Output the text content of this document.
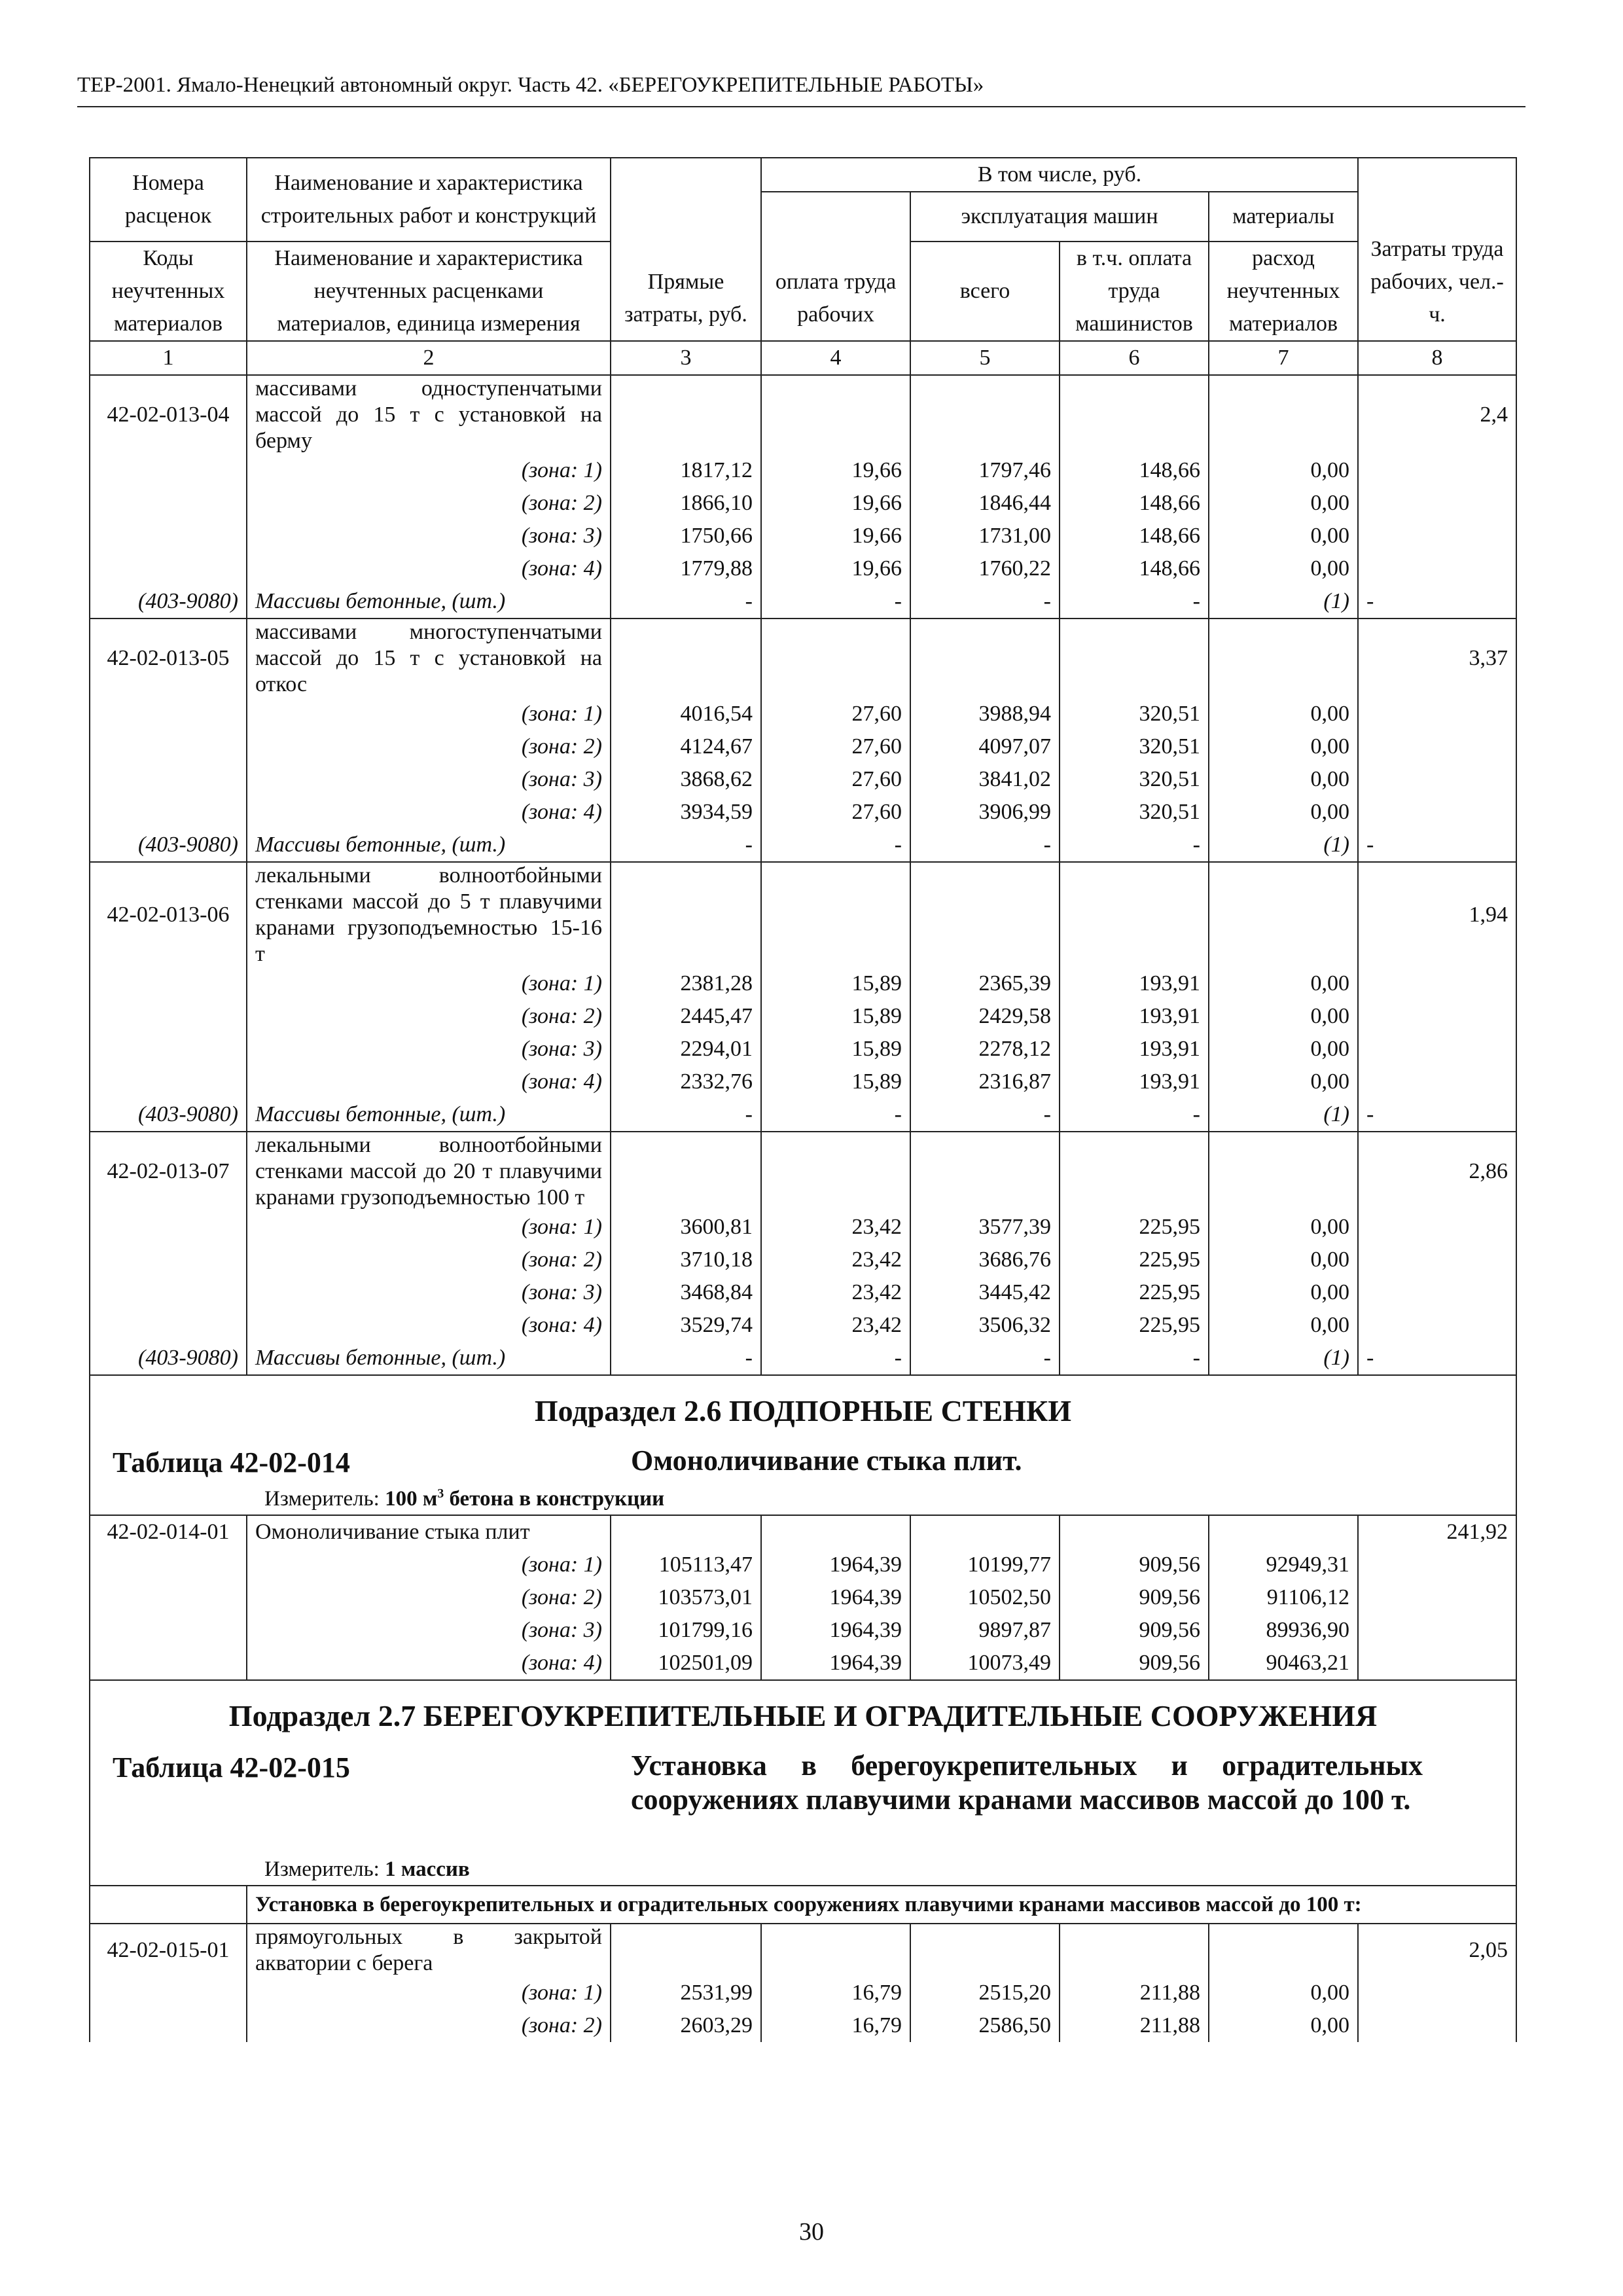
ТЕР-2001. Ямало-Ненецкий автономный округ. Часть 42. «БЕРЕГОУКРЕПИТЕЛЬНЫЕ РАБОТЫ»
Номера расценок	Наименование и характеристика строительных работ и конструкций	Прямые затраты, руб.	В том числе, руб.				Затраты труда рабочих, чел.-ч.
			оплата труда рабочих	эксплуатация машин		материалы	
Коды неучтенных материалов	Наименование и характеристика неучтенных расценками материалов, единица измерения			всего	в т.ч. оплата труда машинистов	расход неучтенных материалов	

1	2	3	4	5	6	7	8
42-02-013-04	массивами одноступенчатыми массой до 15 т с установкой на берму						2,4
	(зона: 1)	1817,12	19,66	1797,46	148,66	0,00	
	(зона: 2)	1866,10	19,66	1846,44	148,66	0,00	
	(зона: 3)	1750,66	19,66	1731,00	148,66	0,00	
	(зона: 4)	1779,88	19,66	1760,22	148,66	0,00	
(403-9080)	Массивы бетонные, (шт.)	-	-	-	-	(1)	-
42-02-013-05	массивами многоступенчатыми массой до 15 т с установкой на откос						3,37
	(зона: 1)	4016,54	27,60	3988,94	320,51	0,00	
	(зона: 2)	4124,67	27,60	4097,07	320,51	0,00	
	(зона: 3)	3868,62	27,60	3841,02	320,51	0,00	
	(зона: 4)	3934,59	27,60	3906,99	320,51	0,00	
(403-9080)	Массивы бетонные, (шт.)	-	-	-	-	(1)	-
42-02-013-06	лекальными волноотбойными стенками массой до 5 т плавучими кранами грузоподъемностью 15-16 т						1,94
	(зона: 1)	2381,28	15,89	2365,39	193,91	0,00	
	(зона: 2)	2445,47	15,89	2429,58	193,91	0,00	
	(зона: 3)	2294,01	15,89	2278,12	193,91	0,00	
	(зона: 4)	2332,76	15,89	2316,87	193,91	0,00	
(403-9080)	Массивы бетонные, (шт.)	-	-	-	-	(1)	-
42-02-013-07	лекальными волноотбойными стенками массой до 20 т плавучими кранами грузоподъемностью 100 т						2,86
	(зона: 1)	3600,81	23,42	3577,39	225,95	0,00	
	(зона: 2)	3710,18	23,42	3686,76	225,95	0,00	
	(зона: 3)	3468,84	23,42	3445,42	225,95	0,00	
	(зона: 4)	3529,74	23,42	3506,32	225,95	0,00	
(403-9080)	Массивы бетонные, (шт.)	-	-	-	-	(1)	-

Подраздел 2.6 ПОДПОРНЫЕ СТЕНКИ
Таблица 42-02-014 Омоноличивание стыка плит.
Измеритель: 100 $м^3$ бетона в конструкции							

42-02-014-01	Омоноличивание стыка плит						241,92
	(зона: 1)	105113,47	1964,39	10199,77	909,56	92949,31	
	(зона: 2)	103573,01	1964,39	10502,50	909,56	91106,12	
	(зона: 3)	101799,16	1964,39	9897,87	909,56	89936,90	
	(зона: 4)	102501,09	1964,39	10073,49	909,56	90463,21	

Подраздел 2.7 БЕРЕГОУКРЕПИТЕЛЬНЫЕ И ОГРАДИТЕЛЬНЫЕ СООРУЖЕНИЯ
Таблица 42-02-015 Установка в берегоукрепительных и оградительных сооружениях плавучими кранами массивов массой до 100 т.
Измеритель: 1 массив							

	Установка в берегоукрепительных и оградительных сооружениях плавучими кранами массивов массой до 100 т:						
42-02-015-01	прямоугольных в закрытой акватории с берега						2,05
	(зона: 1)	2531,99	16,79	2515,20	211,88	0,00	
	(зона: 2)	2603,29	16,79	2586,50	211,88	0,00	
30
